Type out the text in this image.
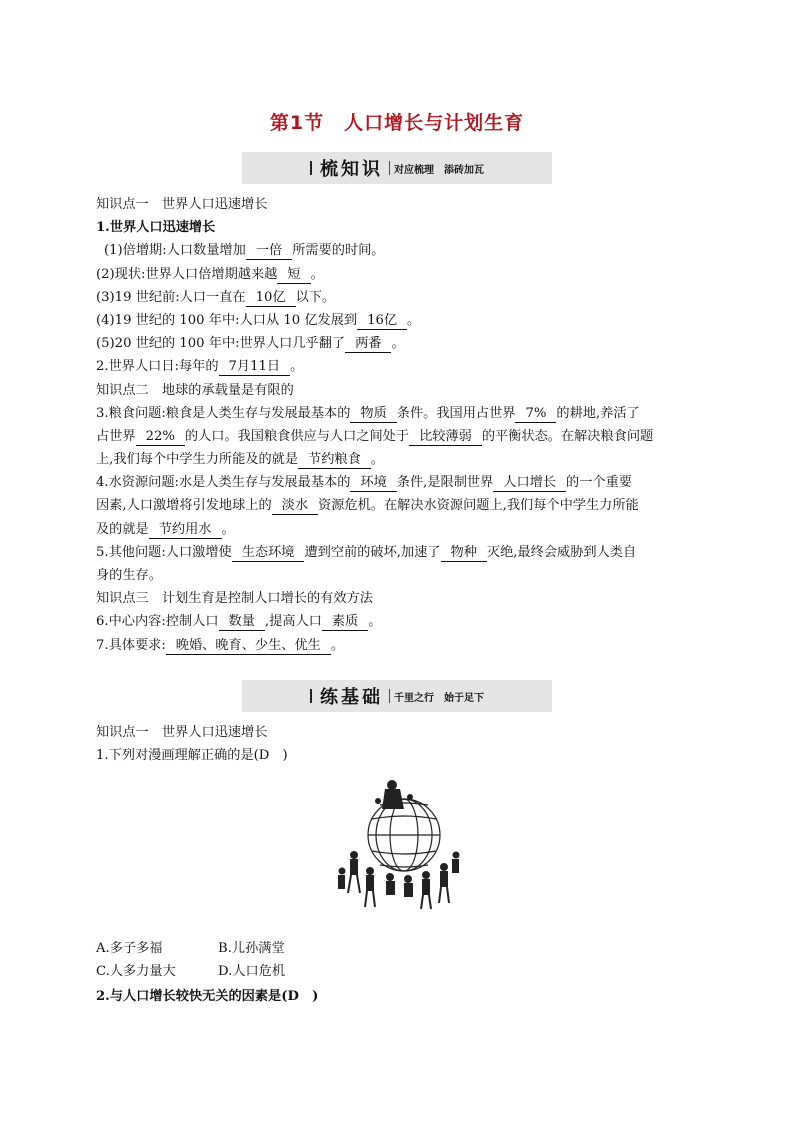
第1节　人口增长与计划生育
梳知识 对应梳理　添砖加瓦
知识点一　世界人口迅速增长
1.世界人口迅速增长
(1)倍增期:人口数量增加 一倍 所需要的时间。
(2)现状:世界人口倍增期越来越 短 。
(3)19 世纪前:人口一直在 10亿 以下。
(4)19 世纪的 100 年中:人口从 10 亿发展到 16亿 。
(5)20 世纪的 100 年中:世界人口几乎翻了 两番 。
2.世界人口日:每年的 7月11日 。
知识点二　地球的承载量是有限的
3.粮食问题:粮食是人类生存与发展最基本的 物质 条件。我国用占世界 7% 的耕地,养活了
占世界 22% 的人口。我国粮食供应与人口之间处于 比较薄弱 的平衡状态。在解决粮食问题
上,我们每个中学生力所能及的就是 节约粮食 。
4.水资源问题:水是人类生存与发展最基本的 环境 条件,是限制世界 人口增长 的一个重要
因素,人口激增将引发地球上的 淡水 资源危机。在解决水资源问题上,我们每个中学生力所能
及的就是 节约用水 。
5.其他问题:人口激增使 生态环境 遭到空前的破坏,加速了 物种 灭绝,最终会威胁到人类自
身的生存。
知识点三　计划生育是控制人口增长的有效方法
6.中心内容:控制人口 数量 ,提高人口 素质 。
7.具体要求: 晚婚、晚育、少生、优生 。
练基础 千里之行　始于足下
知识点一　世界人口迅速增长
1.下列对漫画理解正确的是(D　)
A.多子多福	B.儿孙满堂
C.人多力量大	D.人口危机
2.与人口增长较快无关的因素是(D　)
